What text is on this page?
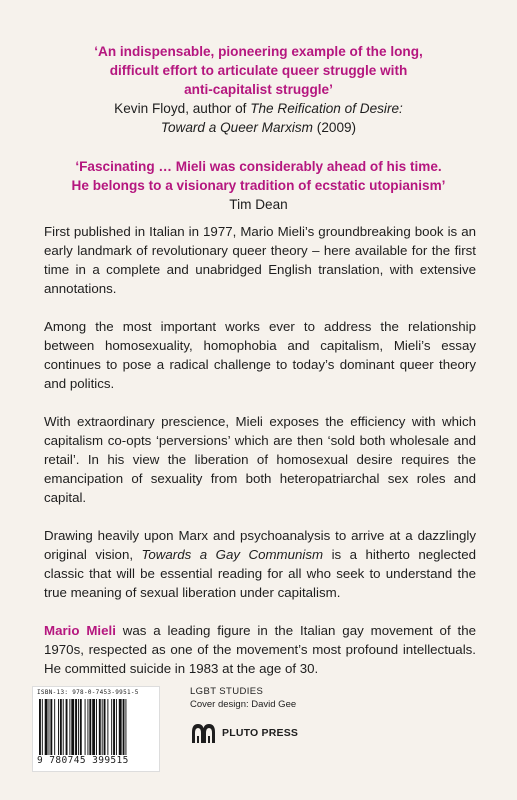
‘An indispensable, pioneering example of the long,

difficult effort to articulate queer struggle with

anti-capitalist struggle’

Kevin Floyd, author of The Reification of Desire:

Toward a Queer Marxism (2009)

‘Fascinating … Mieli was considerably ahead of his time.

He belongs to a visionary tradition of ecstatic utopianism’

Tim Dean

First published in Italian in 1977, Mario Mieli’s groundbreaking book is an early landmark of revolutionary queer theory – here available for the first time in a complete and unabridged English translation, with extensive annotations.

Among the most important works ever to address the relationship between homosexuality, homophobia and capitalism, Mieli’s essay continues to pose a radical challenge to today’s dominant queer theory and politics.

With extraordinary prescience, Mieli exposes the efficiency with which capitalism co-opts ‘perversions’ which are then ‘sold both wholesale and retail’. In his view the liberation of homosexual desire requires the emancipation of sexuality from both heteropatriarchal sex roles and capital.

Drawing heavily upon Marx and psychoanalysis to arrive at a dazzlingly original vision, Towards a Gay Communism is a hitherto neglected classic that will be essential reading for all who seek to understand the true meaning of sexual liberation under capitalism.

Mario Mieli was a leading figure in the Italian gay movement of the 1970s, respected as one of the movement’s most profound intellectuals. He committed suicide in 1983 at the age of 30.

ISBN-13: 978-0-7453-9951-5
9 780745 399515
LGBT STUDIES
Cover design: David Gee
PLUTO PRESS
